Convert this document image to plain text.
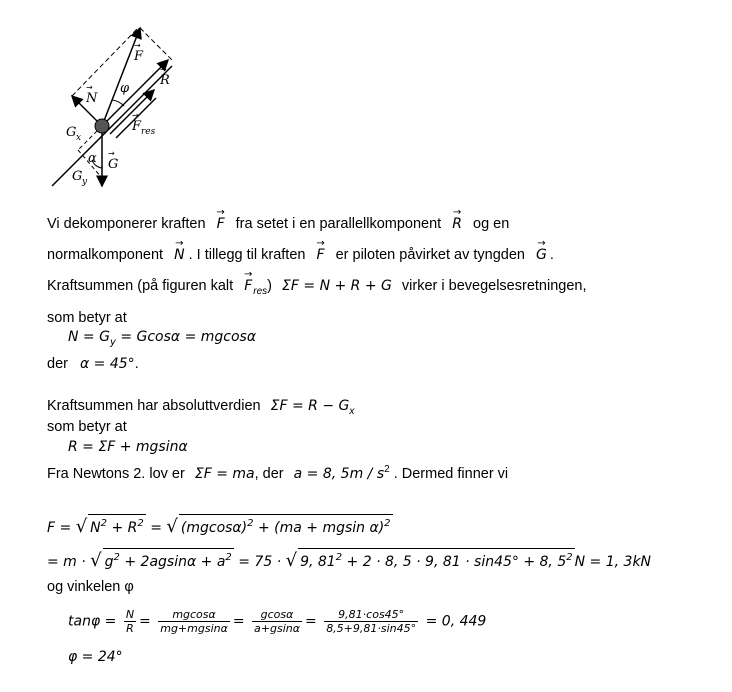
F
R
N
φ
G x
F res
α
G y
G
→
→
→
→
→
Vi dekomponerer kraften → F fra setet i en parallellkomponent → R og en
normalkomponent → N . I tillegg til kraften → F er piloten påvirket av tyngden → G .
Kraftsummen (på figuren kalt → $F_{res}$) ΣF = N + R + G virker i bevegelsesretningen,
som betyr at
$N = G_y = Gcos\alpha = mgcos\alpha$
der α = 45°.
Kraftsummen har absoluttverdien $\Sigma F = R - G_x$
som betyr at
R = ΣF + mgsinα
Fra Newtons 2. lov er ΣF = ma, der a = 8, $5m / s^2$ . Dermed finner vi
F = √ $N^2 + R^2$ = √ $(mgcos\alpha)^2 + (ma + mgsin$ α)$^2$
= m · √ $g^2 + 2agsin\alpha + a^2 = 75$ · √ 9, $81^2 + 2 \cdot 8$, 5 · 9, 81 · sin45° + 8, $5^2$ N = 1, 3kN
og vinkelen φ
$\tan\varphi = \frac{N}{R} = \frac{mgcos\alpha}{mg+mgsin\alpha} = \frac{gcos\alpha}{a+gsin\alpha} = \frac{9,81\cdot\cos 45^\circ}{8,5+9,81\cdot\sin 45^\circ} = 0$, 449
φ = 24°
